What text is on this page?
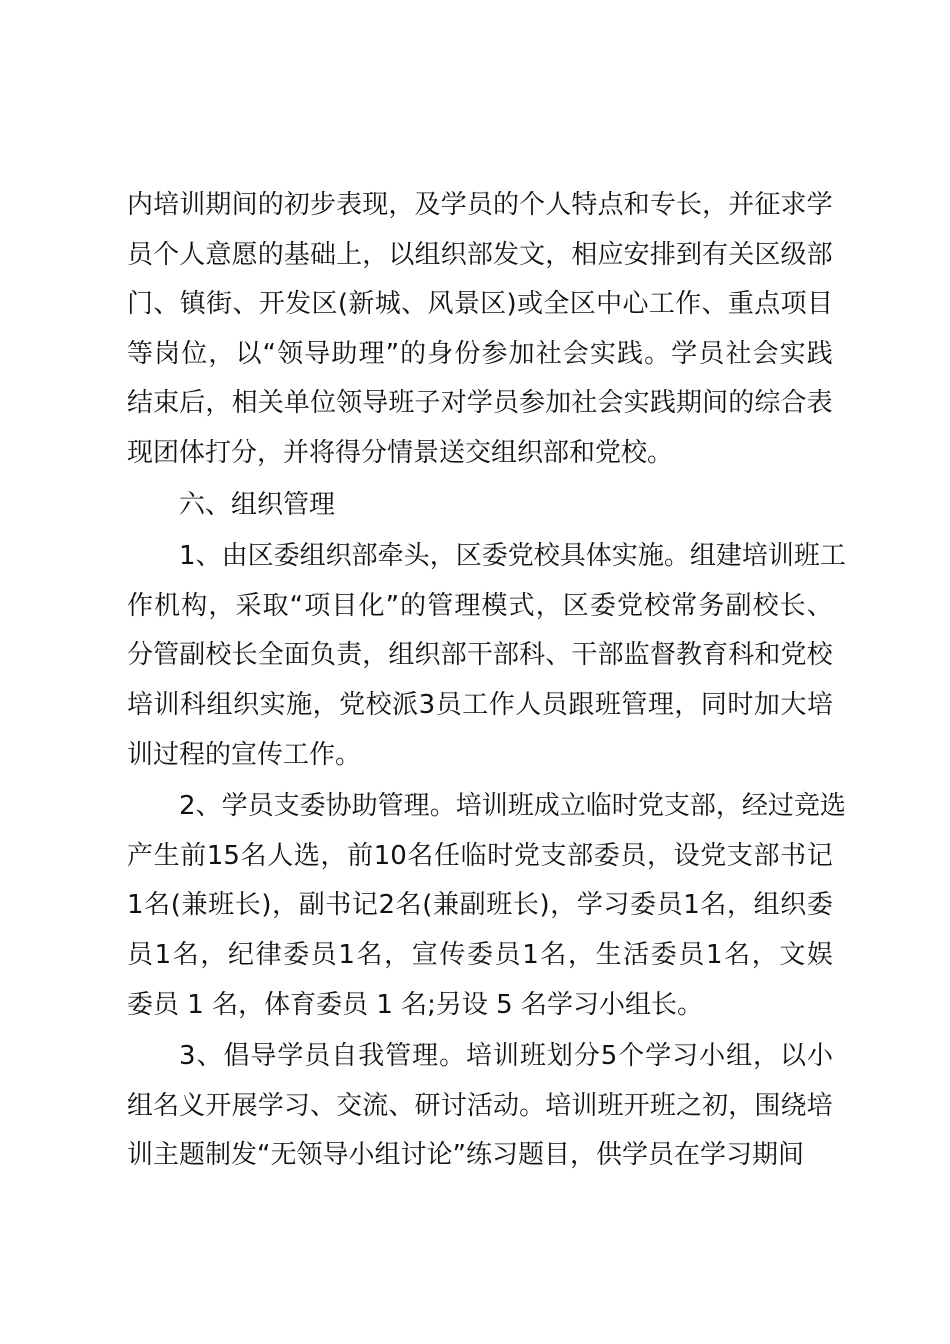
内 培 训 期 间 的 初 步 表 现 ， 及 学 员 的 个 人 特 点 和 专 长 ， 并 征 求 学
员 个 人 意 愿 的 基 础 上 ， 以 组 织 部 发 文 ， 相 应 安 排 到 有 关 区 级 部
门 、 镇 街 、 开 发 区 ( 新 城 、 风 景 区 ) 或 全 区 中 心 工 作 、 重 点 项 目
等 岗 位 ， 以 “ 领 导 助 理 ” 的 身 份 参 加 社 会 实 践 。 学 员 社 会 实 践
结 束 后 ， 相 关 单 位 领 导 班 子 对 学 员 参 加 社 会 实 践 期 间 的 综 合 表
现团体打分，并将得分情景送交组织部和党校。
六、组织管理
1 、 由 区 委 组 织 部 牵 头 ， 区 委 党 校 具 体 实 施 。 组 建 培 训 班 工
作 机 构 ， 采 取 “ 项 目 化 ” 的 管 理 模 式 ， 区 委 党 校 常 务 副 校 长 、
分 管 副 校 长 全 面 负 责 ， 组 织 部 干 部 科 、 干 部 监 督 教 育 科 和 党 校
培 训 科 组 织 实 施 ， 党 校 派 3 员 工 作 人 员 跟 班 管 理 ， 同 时 加 大 培
训过程的宣传工作。
2 、 学 员 支 委 协 助 管 理 。 培 训 班 成 立 临 时 党 支 部 ， 经 过 竞 选
产 生 前 15 名 人 选 ， 前 10 名 任 临 时 党 支 部 委 员 ， 设 党 支 部 书 记
1 名 ( 兼 班 长 ) ， 副 书 记 2 名 ( 兼 副 班 长 ) ， 学 习 委 员 1 名 ， 组 织 委
员 1 名 ， 纪 律 委 员 1 名 ， 宣 传 委 员 1 名 ， 生 活 委 员 1 名 ， 文 娱
委员 1 名，体育委员 1 名;另设 5 名学习小组长。
3 、 倡 导 学 员 自 我 管 理 。 培 训 班 划 分 5 个 学 习 小 组 ， 以 小
组 名 义 开 展 学 习 、 交 流 、 研 讨 活 动 。 培 训 班 开 班 之 初 ， 围 绕 培
训主题制发“无领导小组讨论”练习题目，供学员在学习期间
